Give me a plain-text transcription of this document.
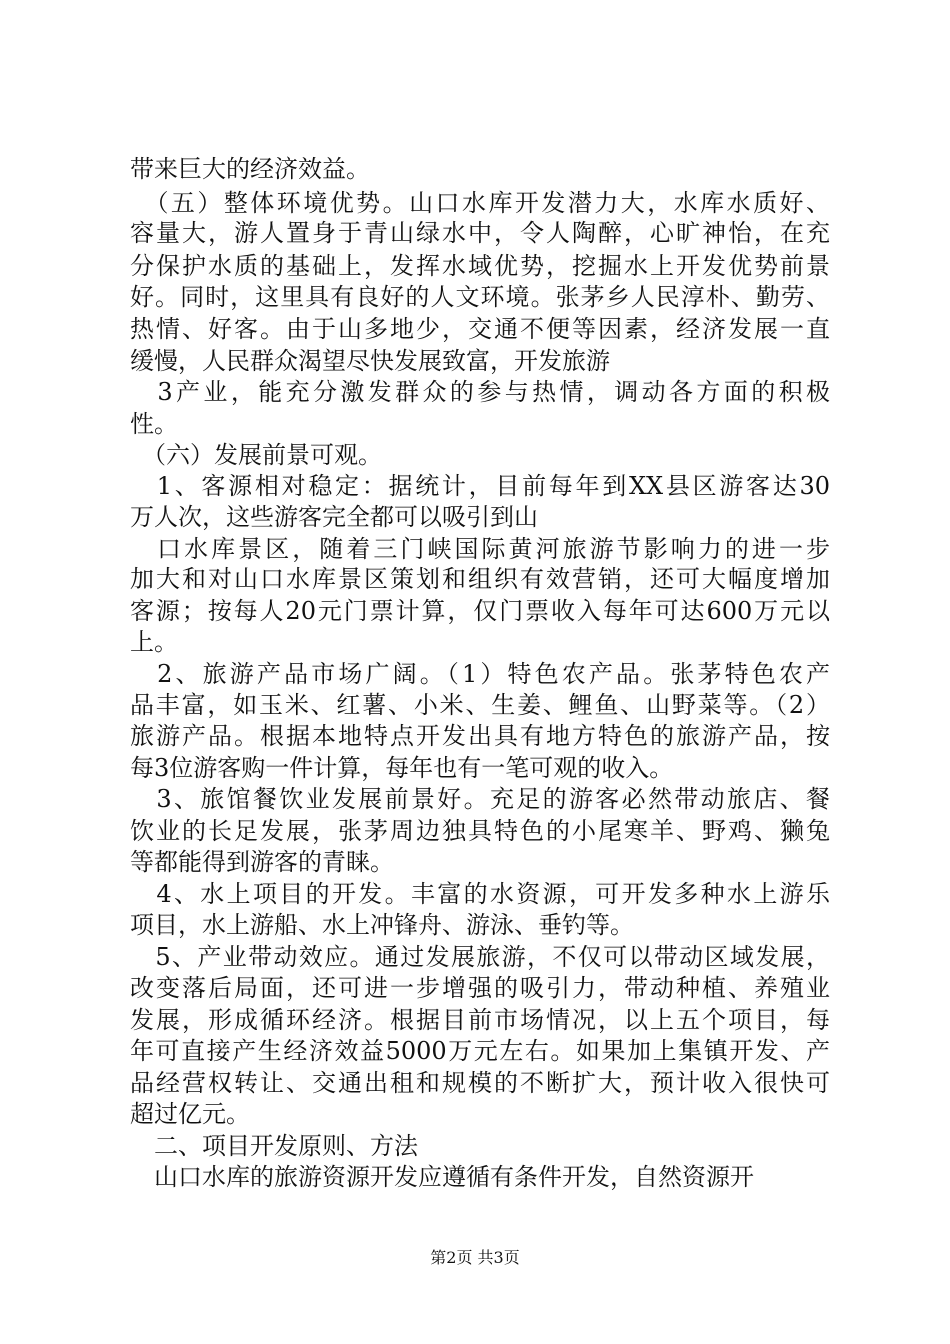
带来巨大的经济效益。
　（五）整体环境优势。山口水库开发潜力大，水库水质好、
容量大，游人置身于青山绿水中，令人陶醉，心旷神怡，在充
分保护水质的基础上，发挥水域优势，挖掘水上开发优势前景
好。同时，这里具有良好的人文环境。张茅乡人民淳朴、勤劳、
热情、好客。由于山多地少，交通不便等因素，经济发展一直
缓慢，人民群众渴望尽快发展致富，开发旅游
　3产业，能充分激发群众的参与热情，调动各方面的积极
性。
　（六）发展前景可观。
　1、客源相对稳定：据统计，目前每年到XX县区游客达30
万人次，这些游客完全都可以吸引到山
　口水库景区，随着三门峡国际黄河旅游节影响力的进一步
加大和对山口水库景区策划和组织有效营销，还可大幅度增加
客源；按每人20元门票计算，仅门票收入每年可达600万元以
上。
　2、旅游产品市场广阔。（1）特色农产品。张茅特色农产
品丰富，如玉米、红薯、小米、生姜、鲤鱼、山野菜等。（2）
旅游产品。根据本地特点开发出具有地方特色的旅游产品，按
每3位游客购一件计算，每年也有一笔可观的收入。
　3、旅馆餐饮业发展前景好。充足的游客必然带动旅店、餐
饮业的长足发展，张茅周边独具特色的小尾寒羊、野鸡、獭兔
等都能得到游客的青睐。
　4、水上项目的开发。丰富的水资源，可开发多种水上游乐
项目，水上游船、水上冲锋舟、游泳、垂钓等。
　5、产业带动效应。通过发展旅游，不仅可以带动区域发展，
改变落后局面，还可进一步增强的吸引力，带动种植、养殖业
发展，形成循环经济。根据目前市场情况，以上五个项目，每
年可直接产生经济效益5000万元左右。如果加上集镇开发、产
品经营权转让、交通出租和规模的不断扩大，预计收入很快可
超过亿元。
　二、项目开发原则、方法
　山口水库的旅游资源开发应遵循有条件开发，自然资源开
第2页 共3页
